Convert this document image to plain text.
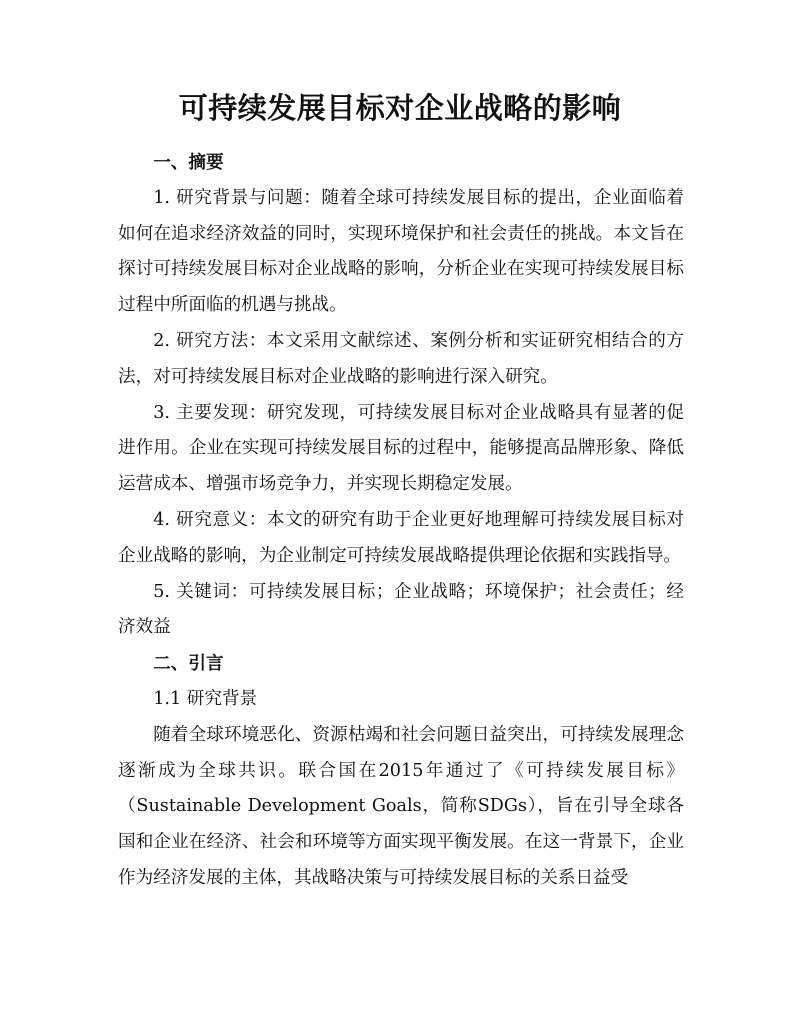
可持续发展目标对企业战略的影响

一、摘要

1. 研究背景与问题：随着全球可持续发展目标的提出，企业面临着如何在追求经济效益的同时，实现环境保护和社会责任的挑战。本文旨在探讨可持续发展目标对企业战略的影响，分析企业在实现可持续发展目标过程中所面临的机遇与挑战。

2. 研究方法：本文采用文献综述、案例分析和实证研究相结合的方法，对可持续发展目标对企业战略的影响进行深入研究。

3. 主要发现：研究发现，可持续发展目标对企业战略具有显著的促进作用。企业在实现可持续发展目标的过程中，能够提高品牌形象、降低运营成本、增强市场竞争力，并实现长期稳定发展。

4. 研究意义：本文的研究有助于企业更好地理解可持续发展目标对企业战略的影响，为企业制定可持续发展战略提供理论依据和实践指导。

5. 关键词：可持续发展目标；企业战略；环境保护；社会责任；经济效益

二、引言

1.1 研究背景

随着全球环境恶化、资源枯竭和社会问题日益突出，可持续发展理念逐渐成为全球共识。联合国在2015年通过了《可持续发展目标》（Sustainable Development Goals，简称SDGs），旨在引导全球各国和企业在经济、社会和环境等方面实现平衡发展。在这一背景下，企业作为经济发展的主体，其战略决策与可持续发展目标的关系日益受
